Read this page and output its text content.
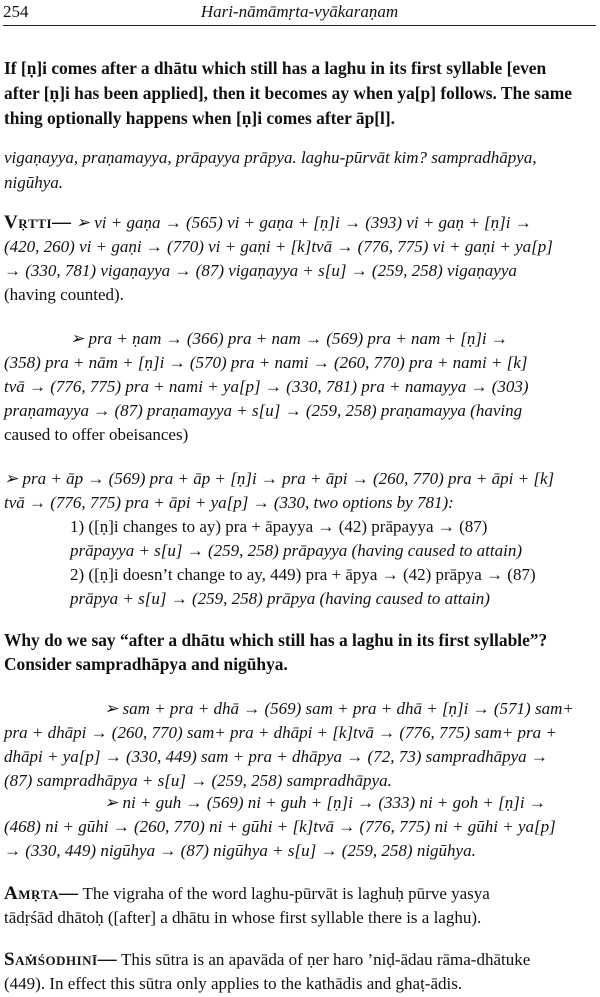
254	Hari-nāmāmṛta-vyākaraṇam
If [ṇ]i comes after a dhātu which still has a laghu in its first syllable [even
after [ṇ]i has been applied], then it becomes ay when ya[p] follows. The same
thing optionally happens when [ṇ]i comes after āp[l].
vigaṇayya, praṇamayya, prāpayya prāpya. laghu-pūrvāt kim? sampradhāpya,
nigūhya.
Vṛtti— ➢ vi + gaṇa → (565) vi + gaṇa + [ṇ]i → (393) vi + gaṇ + [ṇ]i →
(420, 260) vi + gaṇi → (770) vi + gaṇi + [k]tvā → (776, 775) vi + gaṇi + ya[p]
→ (330, 781) vigaṇayya → (87) vigaṇayya + s[u] → (259, 258) vigaṇayya
(having counted).
➢ pra + ṇam → (366) pra + nam → (569) pra + nam + [ṇ]i →
(358) pra + nām + [ṇ]i → (570) pra + nami → (260, 770) pra + nami + [k]
tvā → (776, 775) pra + nami + ya[p] → (330, 781) pra + namayya → (303)
praṇamayya → (87) praṇamayya + s[u] → (259, 258) praṇamayya (having
caused to offer obeisances)
➢ pra + āp → (569) pra + āp + [ṇ]i → pra + āpi → (260, 770) pra + āpi + [k]
tvā → (776, 775) pra + āpi + ya[p] → (330, two options by 781):
1) ([ṇ]i changes to ay) pra + āpayya → (42) prāpayya → (87)
prāpayya + s[u] → (259, 258) prāpayya (having caused to attain)
2) ([ṇ]i doesn’t change to ay, 449) pra + āpya → (42) prāpya → (87)
prāpya + s[u] → (259, 258) prāpya (having caused to attain)
Why do we say “after a dhātu which still has a laghu in its first syllable”?
Consider sampradhāpya and nigūhya.
➢ sam + pra + dhā → (569) sam + pra + dhā + [ṇ]i → (571) sam+
pra + dhāpi → (260, 770) sam+ pra + dhāpi + [k]tvā → (776, 775) sam+ pra +
dhāpi + ya[p] → (330, 449) sam + pra + dhāpya → (72, 73) sampradhāpya →
(87) sampradhāpya + s[u] → (259, 258) sampradhāpya.
➢ ni + guh → (569) ni + guh + [ṇ]i → (333) ni + goh + [ṇ]i →
(468) ni + gūhi → (260, 770) ni + gūhi + [k]tvā → (776, 775) ni + gūhi + ya[p]
→ (330, 449) nigūhya → (87) nigūhya + s[u] → (259, 258) nigūhya.
Amṛta— The vigraha of the word laghu-pūrvāt is laghuḥ pūrve yasya
tādṛśād dhātoḥ ([after] a dhātu in whose first syllable there is a laghu).
Saṁśodhinī— This sūtra is an apavāda of ṇer haro ’niḍ-ādau rāma-dhātuke
(449). In effect this sūtra only applies to the kathādis and ghaṭ-ādis.
